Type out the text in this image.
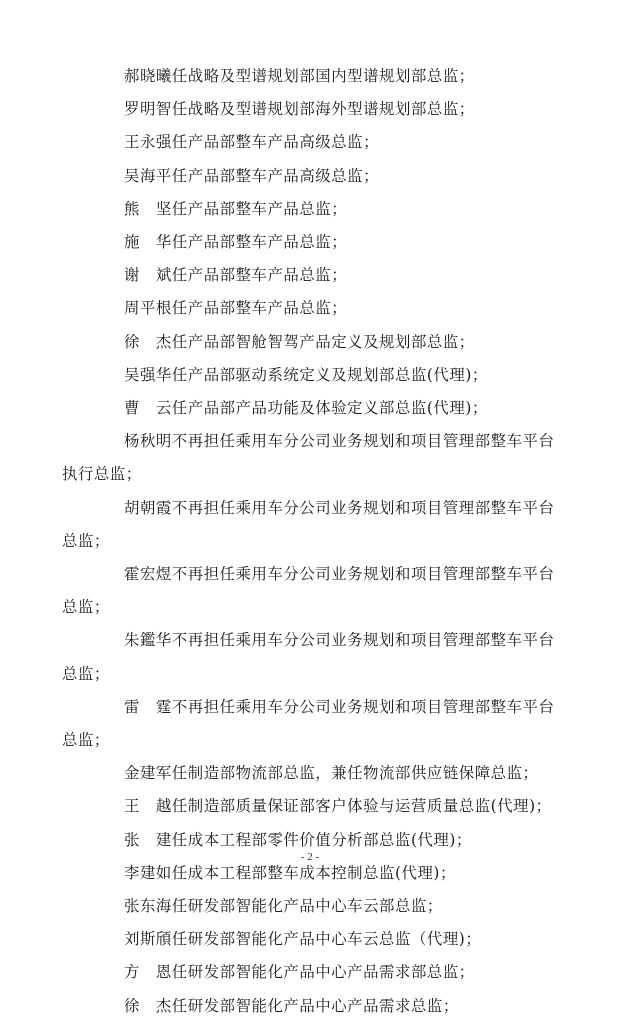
郝晓曦任战略及型谱规划部国内型谱规划部总监；

罗明智任战略及型谱规划部海外型谱规划部总监；

王永强任产品部整车产品高级总监；

吴海平任产品部整车产品高级总监；

熊　坚任产品部整车产品总监；

施　华任产品部整车产品总监；

谢　斌任产品部整车产品总监；

周平根任产品部整车产品总监；

徐　杰任产品部智舱智驾产品定义及规划部总监；

吴强华任产品部驱动系统定义及规划部总监(代理)；

曹　云任产品部产品功能及体验定义部总监(代理)；

杨秋明不再担任乘用车分公司业务规划和项目管理部整车平台执行总监；

胡朝霞不再担任乘用车分公司业务规划和项目管理部整车平台总监；

霍宏煜不再担任乘用车分公司业务规划和项目管理部整车平台总监；

朱鑑华不再担任乘用车分公司业务规划和项目管理部整车平台总监；

雷　霆不再担任乘用车分公司业务规划和项目管理部整车平台总监；

金建军任制造部物流部总监，兼任物流部供应链保障总监；

王　越任制造部质量保证部客户体验与运营质量总监(代理)；

张　建任成本工程部零件价值分析部总监(代理)；

李建如任成本工程部整车成本控制总监(代理)；

张东海任研发部智能化产品中心车云部总监；

刘斯頎任研发部智能化产品中心车云总监（代理)；

方　恩任研发部智能化产品中心产品需求部总监；

徐　杰任研发部智能化产品中心产品需求总监；

- 2 -
